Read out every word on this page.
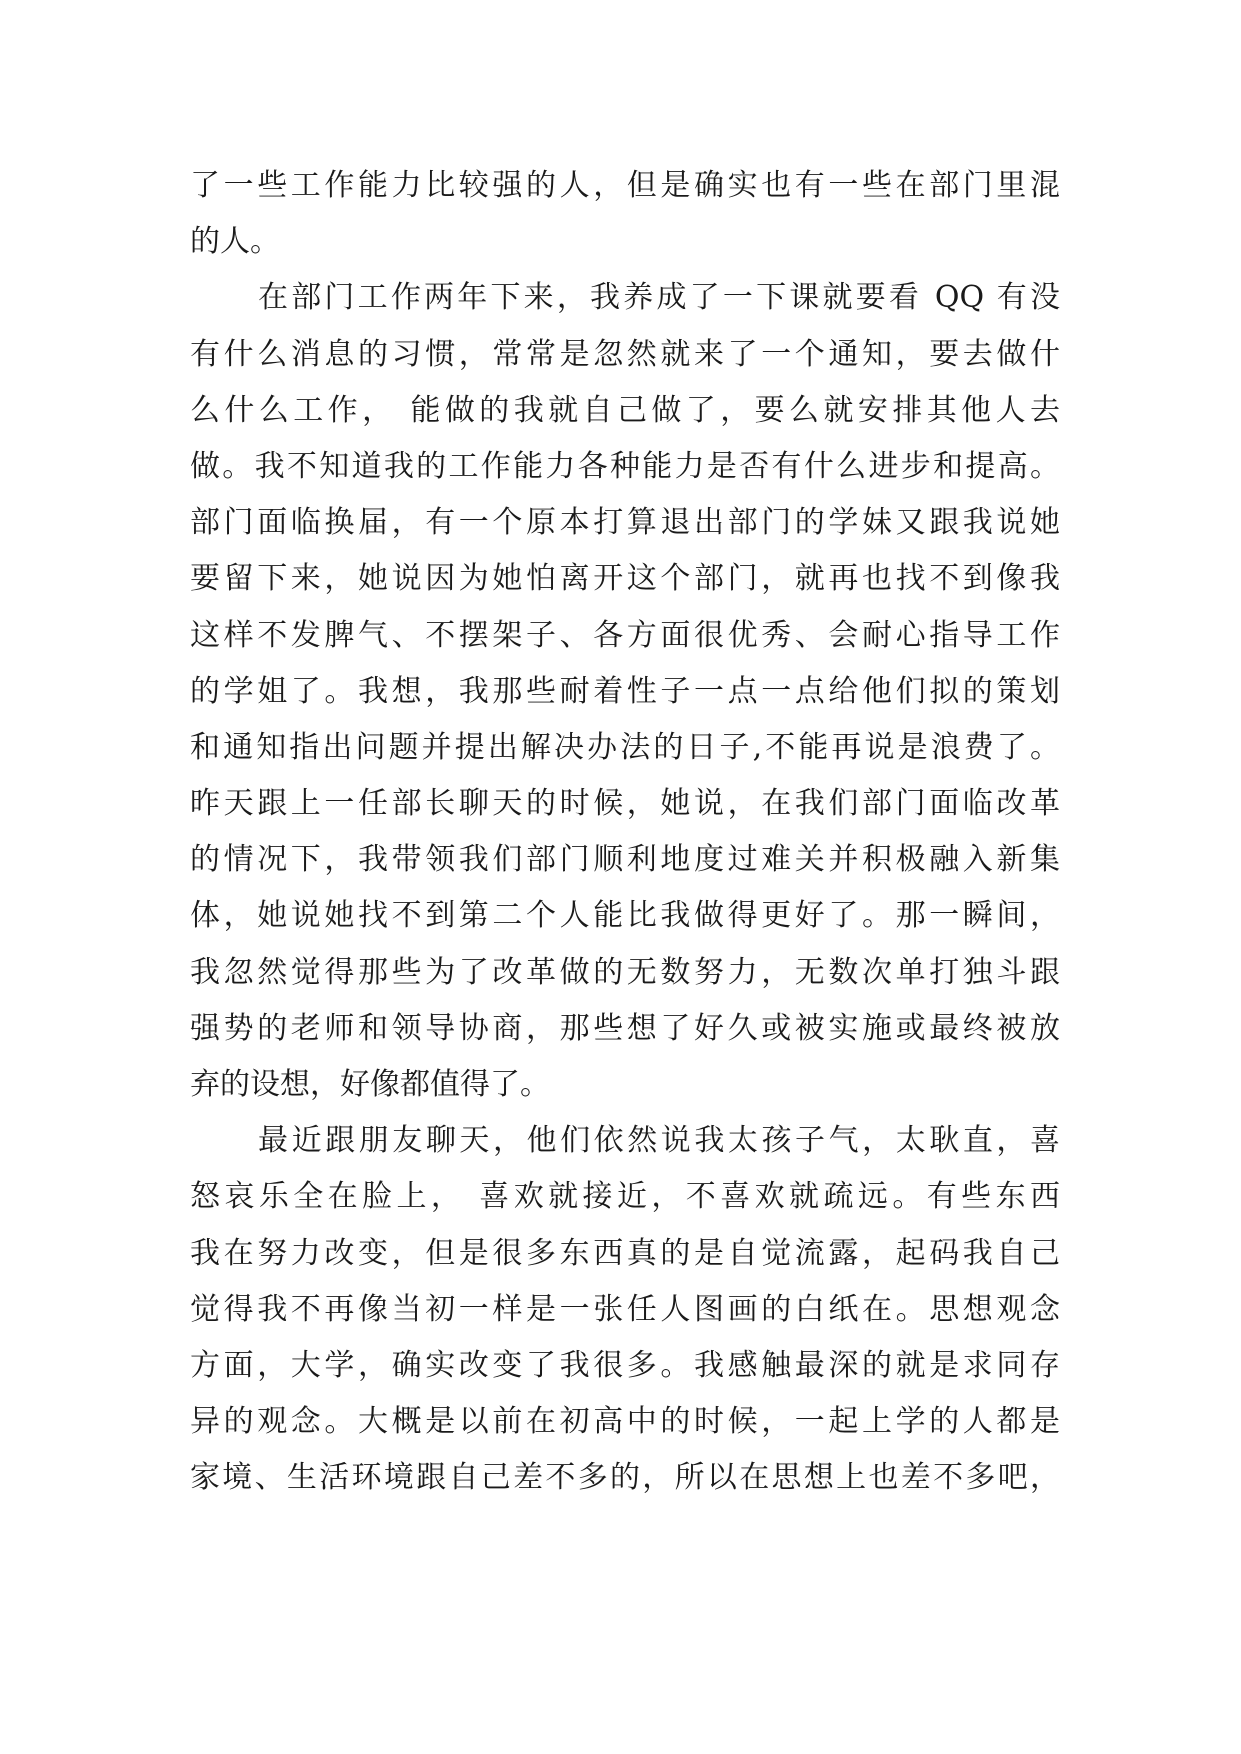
了一些工作能力比较强的人，但是确实也有一些在部门里混
的人。
在部门工作两年下来，我养成了一下课就要看 QQ 有没
有什么消息的习惯，常常是忽然就来了一个通知，要去做什
么什么工作， 能做的我就自己做了，要么就安排其他人去
做。我不知道我的工作能力各种能力是否有什么进步和提高。
部门面临换届，有一个原本打算退出部门的学妹又跟我说她
要留下来，她说因为她怕离开这个部门，就再也找不到像我
这样不发脾气、不摆架子、各方面很优秀、会耐心指导工作
的学姐了。我想，我那些耐着性子一点一点给他们拟的策划
和通知指出问题并提出解决办法的日子,不能再说是浪费了。
昨天跟上一任部长聊天的时候，她说，在我们部门面临改革
的情况下，我带领我们部门顺利地度过难关并积极融入新集
体，她说她找不到第二个人能比我做得更好了。那一瞬间，
我忽然觉得那些为了改革做的无数努力，无数次单打独斗跟
强势的老师和领导协商，那些想了好久或被实施或最终被放
弃的设想，好像都值得了。
最近跟朋友聊天，他们依然说我太孩子气，太耿直，喜
怒哀乐全在脸上， 喜欢就接近，不喜欢就疏远。有些东西
我在努力改变，但是很多东西真的是自觉流露，起码我自己
觉得我不再像当初一样是一张任人图画的白纸在。思想观念
方面，大学，确实改变了我很多。我感触最深的就是求同存
异的观念。大概是以前在初高中的时候，一起上学的人都是
家境、生活环境跟自己差不多的，所以在思想上也差不多吧，
